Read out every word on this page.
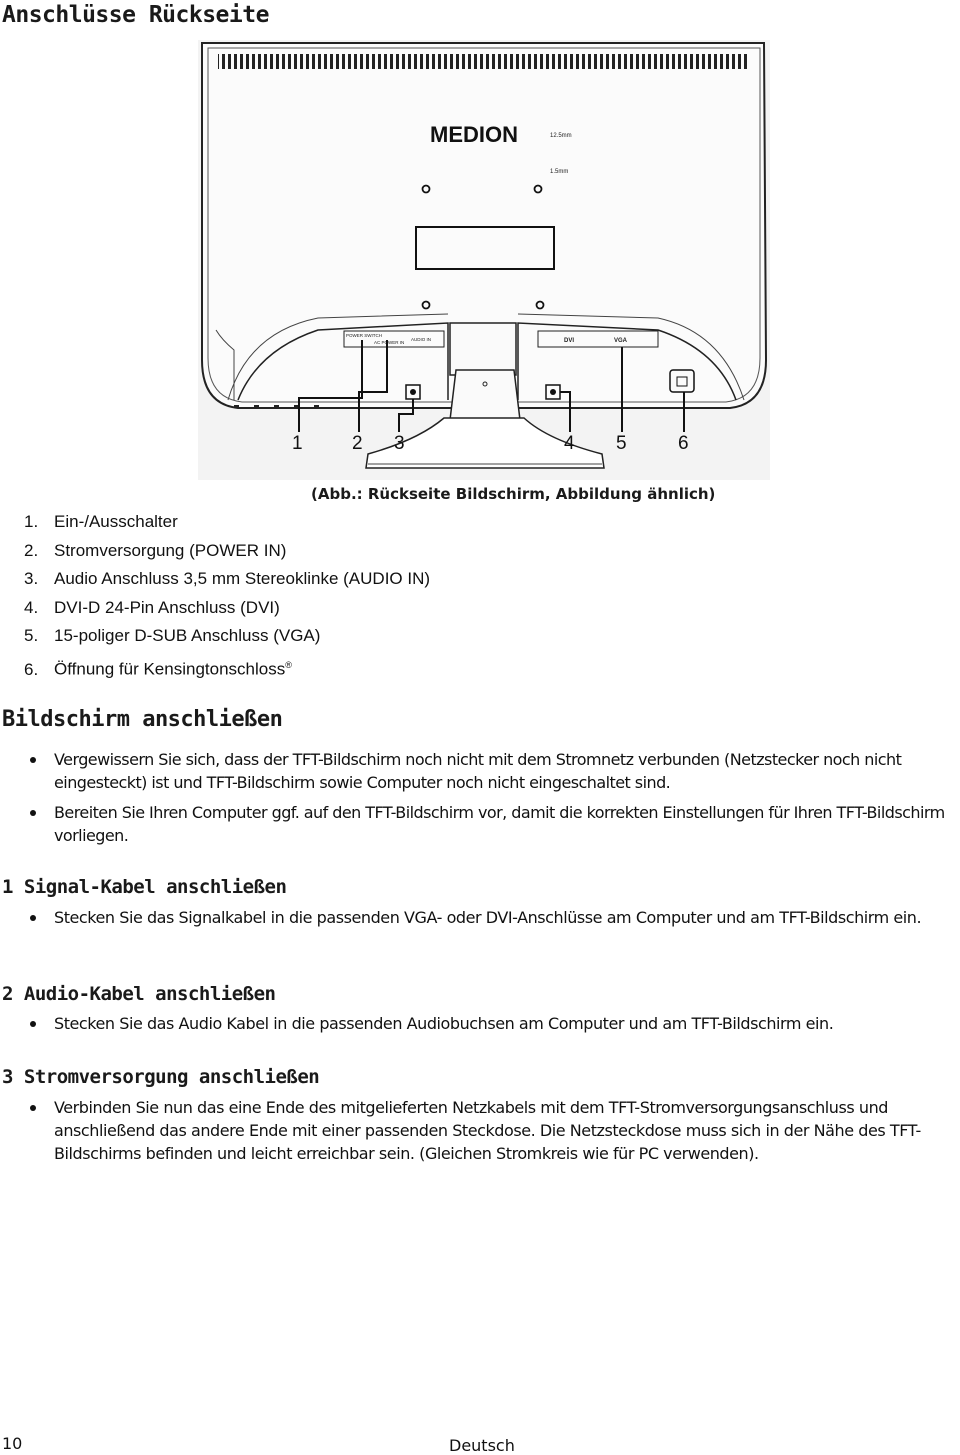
Anschlüsse Rückseite
MEDION	12.5mm
1.5mm
POWER SWITCH
AC POWER IN
AUDIO IN	DVI	VGA
1	2 3	4 5	6

(Abb.: Rückseite Bildschirm, Abbildung ähnlich)

1. Ein-/Ausschalter
2. Stromversorgung (POWER IN)
3. Audio Anschluss 3,5 mm Stereoklinke (AUDIO IN)
4. DVI-D 24-Pin Anschluss (DVI)
5. 15-poliger D-SUB Anschluss (VGA)
6. Öffnung für Kensingtonschloss®
Bildschirm anschließen
Vergewissern Sie sich, dass der TFT-Bildschirm noch nicht mit dem Stromnetz verbunden (Netzstecker noch nicht eingesteckt) ist und TFT-Bildschirm sowie Computer noch nicht eingeschaltet sind.
Bereiten Sie Ihren Computer ggf. auf den TFT-Bildschirm vor, damit die korrekten Einstellungen für Ihren TFT-Bildschirm vorliegen.
1 Signal-Kabel anschließen
Stecken Sie das Signalkabel in die passenden VGA- oder DVI-Anschlüsse am Computer und am TFT-Bildschirm ein.
2 Audio-Kabel anschließen
Stecken Sie das Audio Kabel in die passenden Audiobuchsen am Computer und am TFT-Bildschirm ein.
3 Stromversorgung anschließen
Verbinden Sie nun das eine Ende des mitgelieferten Netzkabels mit dem TFT-Stromversorgungsanschluss und anschließend das andere Ende mit einer passenden Steckdose. Die Netzsteckdose muss sich in der Nähe des TFT-Bildschirms befinden und leicht erreichbar sein. (Gleichen Stromkreis wie für PC verwenden).
10	Deutsch
